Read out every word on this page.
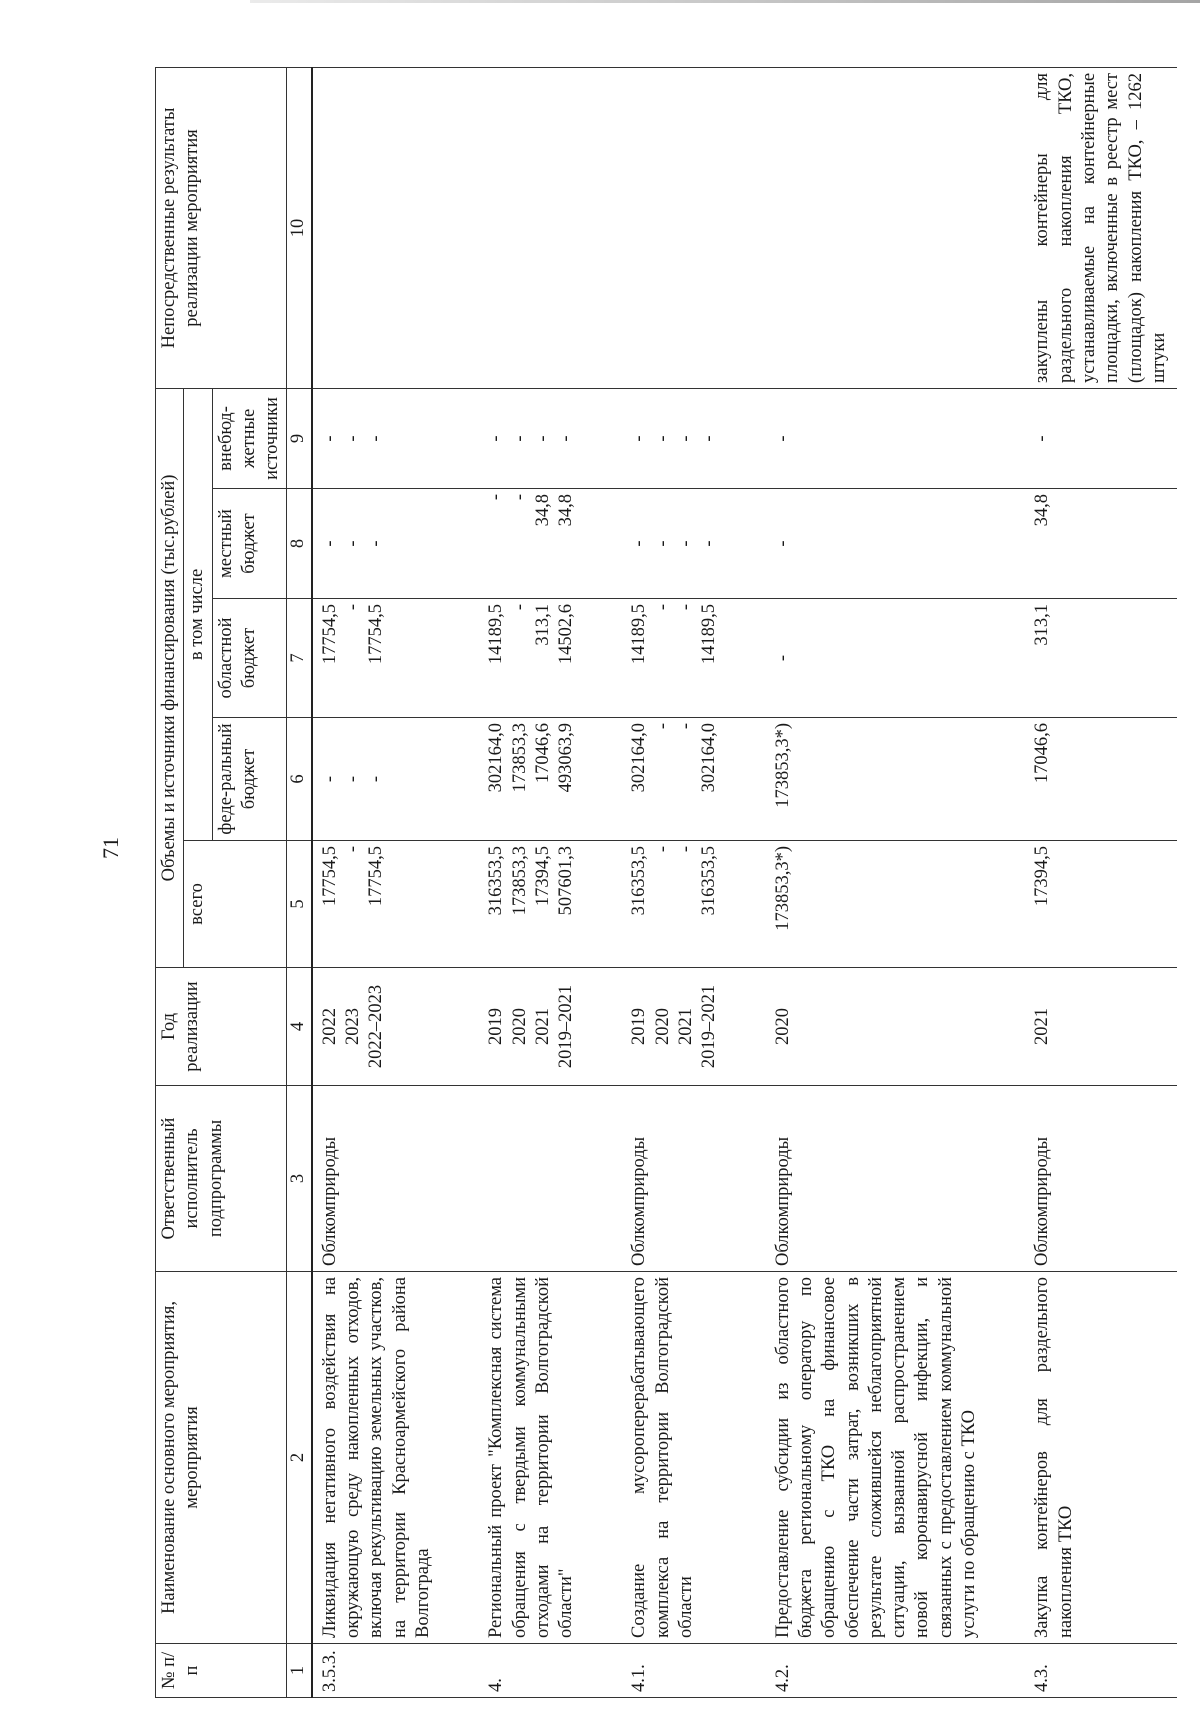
71
№ п/п	Наименование основного мероприятия, мероприятия	Ответственный исполнитель подпрограммы	Год реализации	Объемы и источники финансирования (тыс.рублей)					Непосредственные результаты реализации мероприятия
				всего	в том числе				
					феде-ральный бюджет	областной бюджет	местный бюджет	внебюд-жетные источники	
1	2	3	4	5	6	7	8	9	10
3.5.3.	Ликвидация негативного воздействия на окружающую среду накопленных отходов, включая рекультивацию земельных участков, на территории Красноармейского района Волгограда	Облкомприроды	2022 2023 2022–2023	17754,5 - 17754,5	- - -	17754,5 - 17754,5	- - -	- - -	

4.	Региональный проект "Комплексная система обращения с твердыми коммунальными отходами на территории Волгоградской области"		2019 2020 2021 2019–2021	316353,5 173853,3 17394,5 507601,3	302164,0 173853,3 17046,6 493063,9	14189,5 - 313,1 14502,6	- - 34,8 34,8	- - - -	

4.1.	Создание мусороперерабатывающего комплекса на территории Волгоградской области	Облкомприроды	2019 2020 2021 2019–2021	316353,5 - - 316353,5	302164,0 - - 302164,0	14189,5 - - 14189,5	- - - -	- - - -	

4.2.	Предоставление субсидии из областного бюджета региональному оператору по обращению с ТКО на финансовое обеспечение части затрат, возникших в результате сложившейся неблагоприятной ситуации, вызванной распространением новой коронавирусной инфекции, и связанных с предоставлением коммунальной услуги по обращению с ТКО	Облкомприроды	2020	173853,3*)	173853,3*)	-	-	-	

4.3.	Закупка контейнеров для раздельного накопления ТКО	Облкомприроды	2021	17394,5	17046,6	313,1	34,8	-	закуплены контейнеры для раздельного накопления ТКО, устанавливаемые на контейнерные площадки, включенные в реестр мест (площадок) накопления ТКО, – 1262 штуки
